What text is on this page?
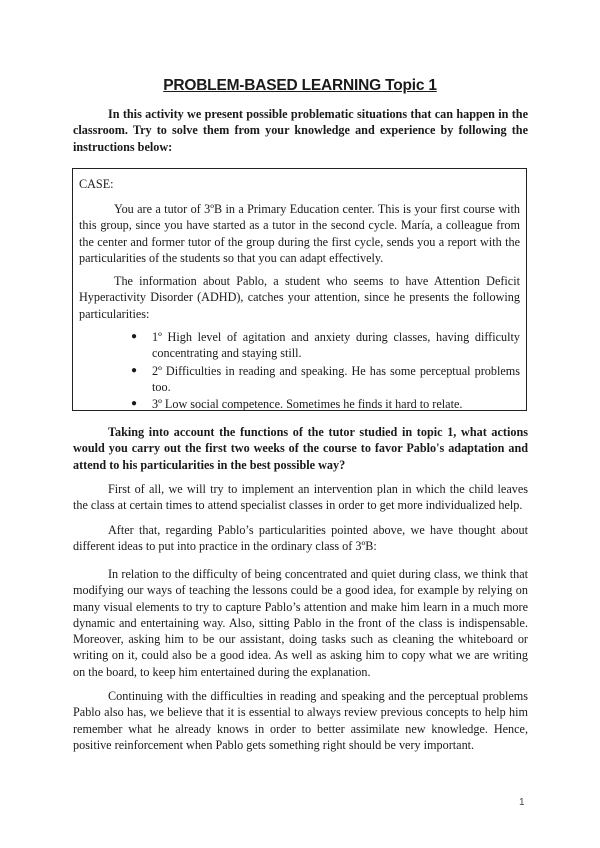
PROBLEM-BASED LEARNING Topic 1

In this activity we present possible problematic situations that can happen in the classroom. Try to solve them from your knowledge and experience by following the instructions below:

CASE:

You are a tutor of 3ºB in a Primary Education center. This is your first course with this group, since you have started as a tutor in the second cycle. María, a colleague from the center and former tutor of the group during the first cycle, sends you a report with the particularities of the students so that you can adapt effectively.

The information about Pablo, a student who seems to have Attention Deficit Hyperactivity Disorder (ADHD), catches your attention, since he presents the following particularities:

● 1º High level of agitation and anxiety during classes, having difficulty concentrating and staying still.
● 2º Difficulties in reading and speaking. He has some perceptual problems too.
● 3º Low social competence. Sometimes he finds it hard to relate.

Taking into account the functions of the tutor studied in topic 1, what actions would you carry out the first two weeks of the course to favor Pablo's adaptation and attend to his particularities in the best possible way?

First of all, we will try to implement an intervention plan in which the child leaves the class at certain times to attend specialist classes in order to get more individualized help.

After that, regarding Pablo’s particularities pointed above, we have thought about different ideas to put into practice in the ordinary class of 3ºB:

In relation to the difficulty of being concentrated and quiet during class, we think that modifying our ways of teaching the lessons could be a good idea, for example by relying on many visual elements to try to capture Pablo’s attention and make him learn in a much more dynamic and entertaining way. Also, sitting Pablo in the front of the class is indispensable. Moreover, asking him to be our assistant, doing tasks such as cleaning the whiteboard or writing on it, could also be a good idea. As well as asking him to copy what we are writing on the board, to keep him entertained during the explanation.

Continuing with the difficulties in reading and speaking and the perceptual problems Pablo also has, we believe that it is essential to always review previous concepts to help him remember what he already knows in order to better assimilate new knowledge. Hence, positive reinforcement when Pablo gets something right should be very important.

1
